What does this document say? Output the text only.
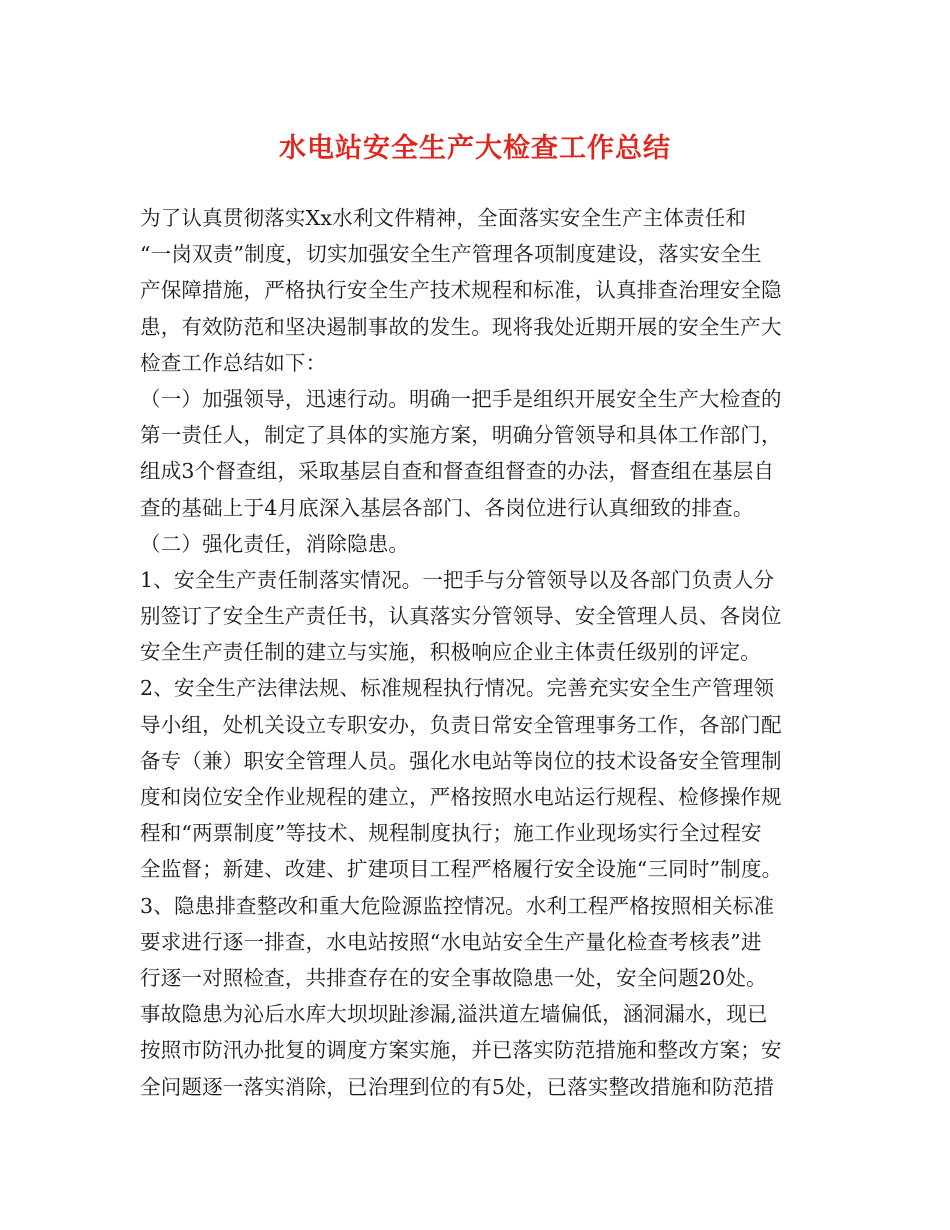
水电站安全生产大检查工作总结
为了认真贯彻落实Xx水利文件精神，全面落实安全生产主体责任和
“一岗双责”制度，切实加强安全生产管理各项制度建设，落实安全生
产保障措施，严格执行安全生产技术规程和标准，认真排查治理安全隐
患，有效防范和坚决遏制事故的发生。现将我处近期开展的安全生产大
检查工作总结如下：
（一）加强领导，迅速行动。明确一把手是组织开展安全生产大检查的
第一责任人，制定了具体的实施方案，明确分管领导和具体工作部门，
组成3个督查组，采取基层自查和督查组督查的办法，督查组在基层自
查的基础上于4月底深入基层各部门、各岗位进行认真细致的排查。
（二）强化责任，消除隐患。
1、安全生产责任制落实情况。一把手与分管领导以及各部门负责人分
别签订了安全生产责任书，认真落实分管领导、安全管理人员、各岗位
安全生产责任制的建立与实施，积极响应企业主体责任级别的评定。
2、安全生产法律法规、标准规程执行情况。完善充实安全生产管理领
导小组，处机关设立专职安办，负责日常安全管理事务工作，各部门配
备专（兼）职安全管理人员。强化水电站等岗位的技术设备安全管理制
度和岗位安全作业规程的建立，严格按照水电站运行规程、检修操作规
程和“两票制度”等技术、规程制度执行；施工作业现场实行全过程安
全监督；新建、改建、扩建项目工程严格履行安全设施“三同时”制度。
3、隐患排查整改和重大危险源监控情况。水利工程严格按照相关标准
要求进行逐一排查，水电站按照“水电站安全生产量化检查考核表”进
行逐一对照检查，共排查存在的安全事故隐患一处，安全问题20处。
事故隐患为沁后水库大坝坝趾渗漏,溢洪道左墙偏低，涵洞漏水，现已
按照市防汛办批复的调度方案实施，并已落实防范措施和整改方案；安
全问题逐一落实消除，已治理到位的有5处，已落实整改措施和防范措
